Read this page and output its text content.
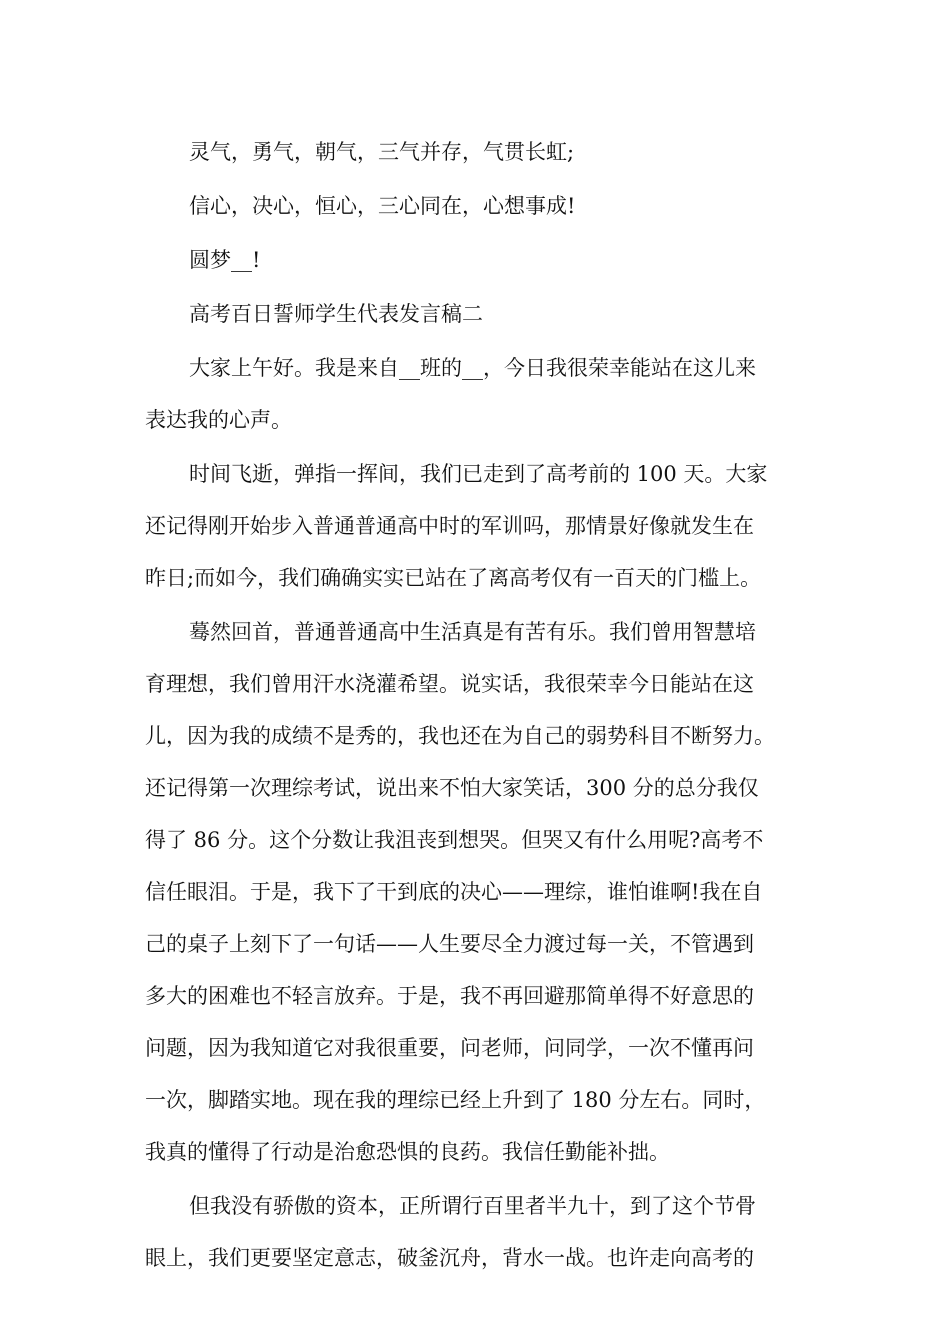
灵气，勇气，朝气，三气并存，气贯长虹;
信心，决心，恒心，三心同在，心想事成!
圆梦__!
高考百日誓师学生代表发言稿二
大家上午好。我是来自__班的__，今日我很荣幸能站在这儿来
表达我的心声。
时间飞逝，弹指一挥间，我们已走到了高考前的 100 天。大家
还记得刚开始步入普通普通高中时的军训吗，那情景好像就发生在
昨日;而如今，我们确确实实已站在了离高考仅有一百天的门槛上。
蓦然回首，普通普通高中生活真是有苦有乐。我们曾用智慧培
育理想，我们曾用汗水浇灌希望。说实话，我很荣幸今日能站在这
儿，因为我的成绩不是秀的，我也还在为自己的弱势科目不断努力。
还记得第一次理综考试，说出来不怕大家笑话，300 分的总分我仅
得了 86 分。这个分数让我沮丧到想哭。但哭又有什么用呢?高考不
信任眼泪。于是，我下了干到底的决心——理综，谁怕谁啊!我在自
己的桌子上刻下了一句话——人生要尽全力渡过每一关，不管遇到
多大的困难也不轻言放弃。于是，我不再回避那简单得不好意思的
问题，因为我知道它对我很重要，问老师，问同学，一次不懂再问
一次，脚踏实地。现在我的理综已经上升到了 180 分左右。同时，
我真的懂得了行动是治愈恐惧的良药。我信任勤能补拙。
但我没有骄傲的资本，正所谓行百里者半九十，到了这个节骨
眼上，我们更要坚定意志，破釜沉舟，背水一战。也许走向高考的
